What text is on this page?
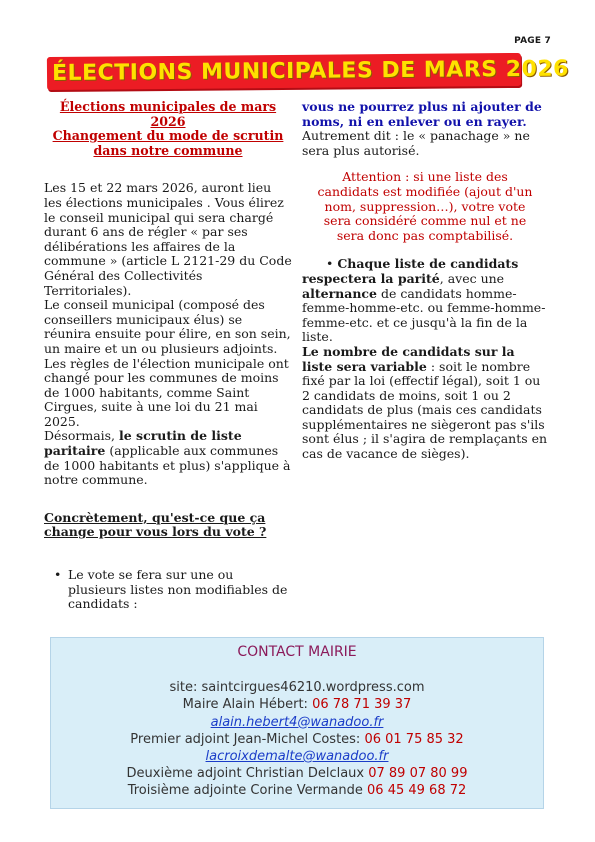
PAGE 7
ÉLECTIONS MUNICIPALES DE MARS 2026
Élections municipales de mars 2026
Changement du mode de scrutin
dans notre commune

Les 15 et 22 mars 2026, auront lieu les élections municipales . Vous élirez le conseil municipal qui sera chargé durant 6 ans de régler « par ses délibérations les affaires de la commune » (article L 2121-29 du Code Général des Collectivités Territoriales).

Le conseil municipal (composé des conseillers municipaux élus) se réunira ensuite pour élire, en son sein, un maire et un ou plusieurs adjoints.

Les règles de l'élection municipale ont changé pour les communes de moins de 1000 habitants, comme Saint Cirgues, suite à une loi du 21 mai 2025.

Désormais, le scrutin de liste paritaire (applicable aux communes de 1000 habitants et plus) s'applique à notre commune.

Concrètement, qu'est-ce que ça change pour vous lors du vote ?
• Le vote se fera sur une ou plusieurs listes non modifiables de candidats :

vous ne pourrez plus ni ajouter de noms, ni en enlever ou en rayer. Autrement dit : le « panachage » ne sera plus autorisé.

Attention : si une liste des candidats est modifiée (ajout d'un nom, suppression…), votre vote sera considéré comme nul et ne sera donc pas comptabilisé.

• Chaque liste de candidats respectera la parité, avec une alternance de candidats homme-femme-homme-etc. ou femme-homme-femme-etc. et ce jusqu'à la fin de la liste.

Le nombre de candidats sur la liste sera variable : soit le nombre fixé par la loi (effectif légal), soit 1 ou 2 candidats de moins, soit 1 ou 2 candidats de plus (mais ces candidats supplémentaires ne siègeront pas s'ils sont élus ; il s'agira de remplaçants en cas de vacance de sièges).

CONTACT MAIRIE
site: saintcirgues46210.wordpress.com
Maire Alain Hébert: 06 78 71 39 37
alain.hebert4@wanadoo.fr
Premier adjoint Jean-Michel Costes: 06 01 75 85 32
lacroixdemalte@wanadoo.fr
Deuxième adjoint Christian Delclaux 07 89 07 80 99
Troisième adjointe Corine Vermande 06 45 49 68 72
